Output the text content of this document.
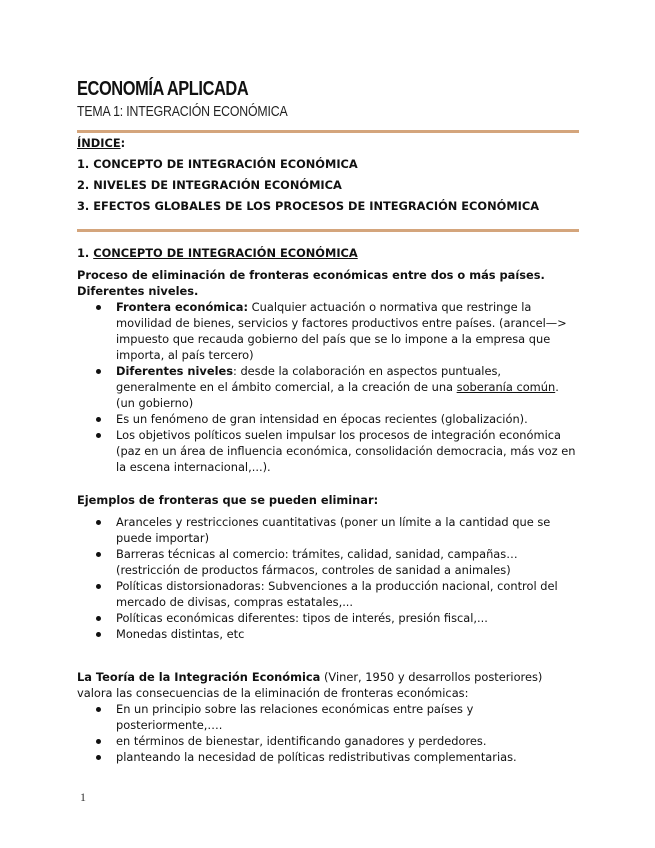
ECONOMÍA APLICADA
TEMA 1: INTEGRACIÓN ECONÓMICA
ÍNDICE:
1. CONCEPTO DE INTEGRACIÓN ECONÓMICA
2. NIVELES DE INTEGRACIÓN ECONÓMICA
3. EFECTOS GLOBALES DE LOS PROCESOS DE INTEGRACIÓN ECONÓMICA
1. CONCEPTO DE INTEGRACIÓN ECONÓMICA
Proceso de eliminación de fronteras económicas entre dos o más países. Diferentes niveles.
Frontera económica: Cualquier actuación o normativa que restringe la movilidad de bienes, servicios y factores productivos entre países. (arancel—> impuesto que recauda gobierno del país que se lo impone a la empresa que importa, al país tercero)
Diferentes niveles: desde la colaboración en aspectos puntuales, generalmente en el ámbito comercial, a la creación de una soberanía común. (un gobierno)
Es un fenómeno de gran intensidad en épocas recientes (globalización).
Los objetivos políticos suelen impulsar los procesos de integración económica (paz en un área de influencia económica, consolidación democracia, más voz en la escena internacional,...).
Ejemplos de fronteras que se pueden eliminar:
Aranceles y restricciones cuantitativas (poner un límite a la cantidad que se puede importar)
Barreras técnicas al comercio: trámites, calidad, sanidad, campañas… (restricción de productos fármacos, controles de sanidad a animales)
Políticas distorsionadoras: Subvenciones a la producción nacional, control del mercado de divisas, compras estatales,...
Políticas económicas diferentes: tipos de interés, presión fiscal,...
Monedas distintas, etc
La Teoría de la Integración Económica (Viner, 1950 y desarrollos posteriores) valora las consecuencias de la eliminación de fronteras económicas:
En un principio sobre las relaciones económicas entre países y posteriormente,….
en términos de bienestar, identificando ganadores y perdedores.
planteando la necesidad de políticas redistributivas complementarias.
1
